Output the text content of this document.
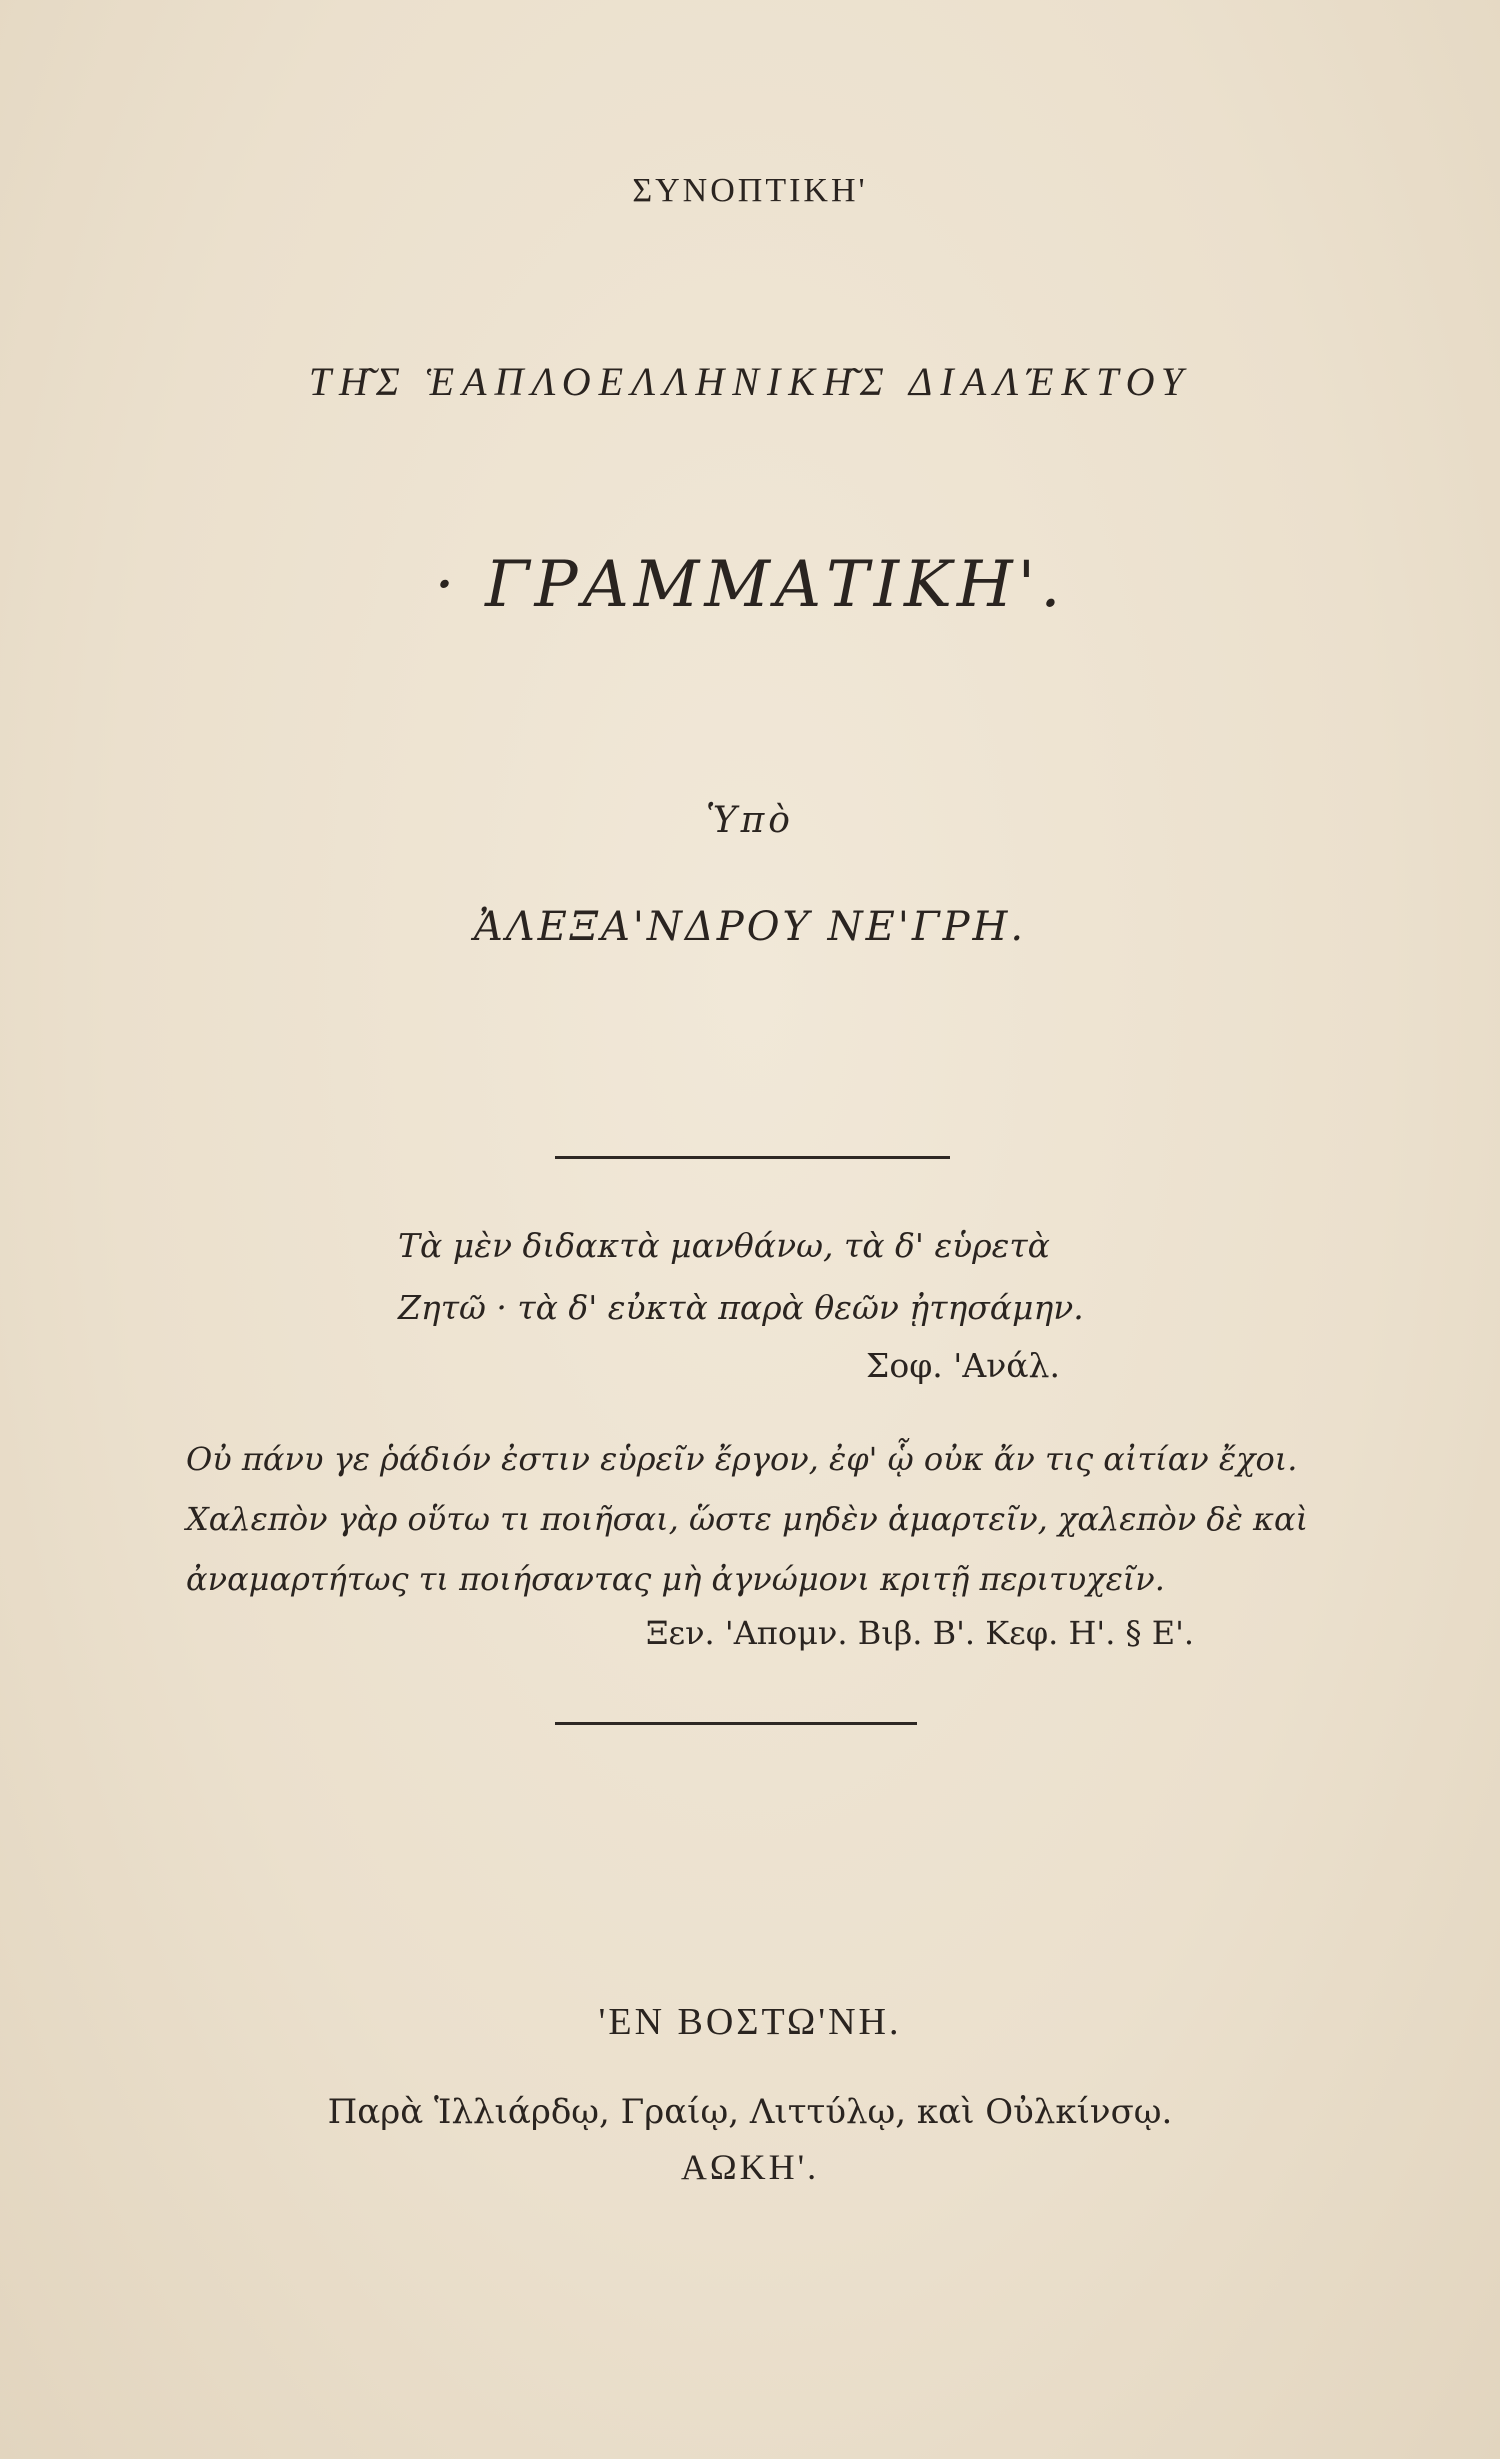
ΣΥΝΟΠΤΙΚΗ'
ΤΗ͂Σ ἙΑΠΛΟΕΛΛΗΝΙΚΗ͂Σ ΔΙΑΛΈΚΤΟΥ
· ΓΡΑΜΜΑΤΙΚΗ'.
Ὑπὸ
ἈΛΕΞΑ'ΝΔΡΟΥ ΝΕ'ΓΡΗ.
Τὰ μὲν διδακτὰ μανθάνω, τὰ δ' εὑρετὰ
Ζητῶ · τὰ δ' εὐκτὰ παρὰ θεῶν ᾐτησάμην.
Σοφ. 'Ανάλ.
Οὐ πάνυ γε ῥάδιόν ἐστιν εὑρεῖν ἔργον, ἐφ' ᾧ οὐκ ἄν τις αἰτίαν ἔχοι.
Χαλεπὸν γὰρ οὕτω τι ποιῆσαι, ὥστε μηδὲν ἁμαρτεῖν, χαλεπὸν δὲ καὶ
ἀναμαρτήτως τι ποιήσαντας μὴ ἀγνώμονι κριτῇ περιτυχεῖν.
Ξεν. 'Απομν. Βιβ. Β'. Κεφ. Η'. § Ε'.
'ΕΝ ΒΟΣΤΩ'ΝΗ.
Παρὰ Ἱλλιάρδῳ, Γραίῳ, Λιττύλῳ, καὶ Οὐλκίνσῳ.
ΑΩΚΗ'.
